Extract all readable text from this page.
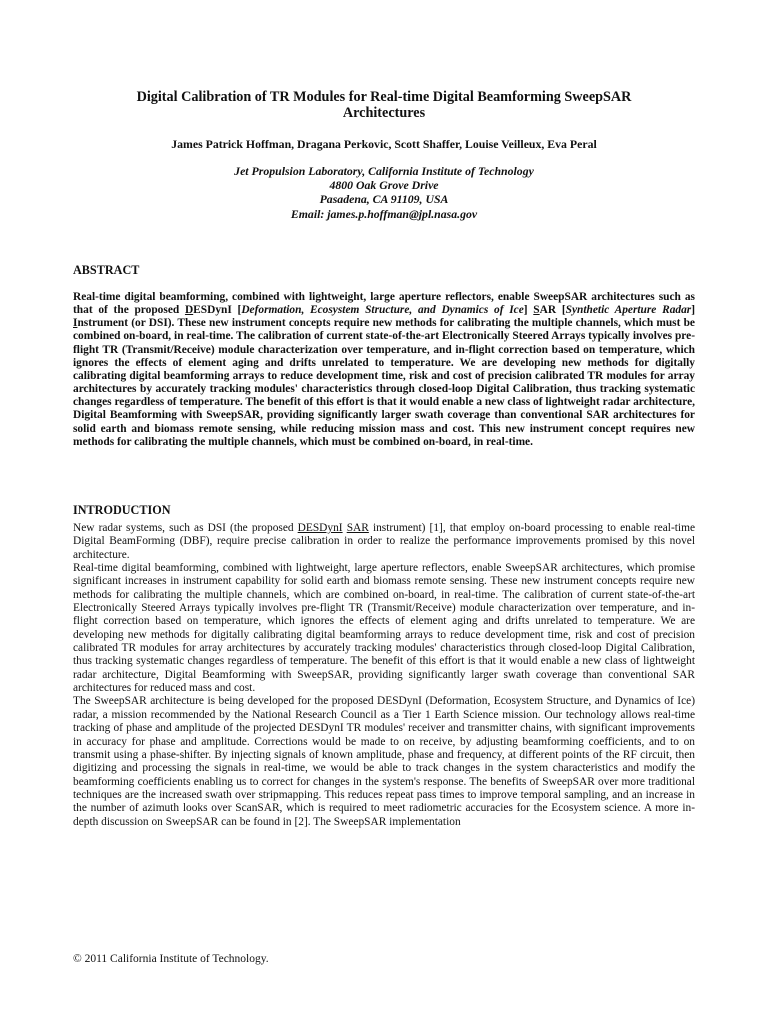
Digital Calibration of TR Modules for Real-time Digital Beamforming SweepSAR
Architectures
James Patrick Hoffman, Dragana Perkovic, Scott Shaffer, Louise Veilleux, Eva Peral
Jet Propulsion Laboratory, California Institute of Technology
4800 Oak Grove Drive
Pasadena, CA 91109, USA
Email: james.p.hoffman@jpl.nasa.gov
ABSTRACT
Real-time digital beamforming, combined with lightweight, large aperture reflectors, enable SweepSAR architectures such as that of the proposed DESDynI [Deformation, Ecosystem Structure, and Dynamics of Ice] SAR [Synthetic Aperture Radar] Instrument (or DSI). These new instrument concepts require new methods for calibrating the multiple channels, which must be combined on-board, in real-time. The calibration of current state-of-the-art Electronically Steered Arrays typically involves pre-flight TR (Transmit/Receive) module characterization over temperature, and in-flight correction based on temperature, which ignores the effects of element aging and drifts unrelated to temperature. We are developing new methods for digitally calibrating digital beamforming arrays to reduce development time, risk and cost of precision calibrated TR modules for array architectures by accurately tracking modules' characteristics through closed-loop Digital Calibration, thus tracking systematic changes regardless of temperature. The benefit of this effort is that it would enable a new class of lightweight radar architecture, Digital Beamforming with SweepSAR, providing significantly larger swath coverage than conventional SAR architectures for solid earth and biomass remote sensing, while reducing mission mass and cost. This new instrument concept requires new methods for calibrating the multiple channels, which must be combined on-board, in real-time.
INTRODUCTION

New radar systems, such as DSI (the proposed DESDynI SAR instrument) [1], that employ on-board processing to enable real-time Digital BeamForming (DBF), require precise calibration in order to realize the performance improvements promised by this novel architecture.

Real-time digital beamforming, combined with lightweight, large aperture reflectors, enable SweepSAR architectures, which promise significant increases in instrument capability for solid earth and biomass remote sensing. These new instrument concepts require new methods for calibrating the multiple channels, which are combined on-board, in real-time. The calibration of current state-of-the-art Electronically Steered Arrays typically involves pre-flight TR (Transmit/Receive) module characterization over temperature, and in-flight correction based on temperature, which ignores the effects of element aging and drifts unrelated to temperature. We are developing new methods for digitally calibrating digital beamforming arrays to reduce development time, risk and cost of precision calibrated TR modules for array architectures by accurately tracking modules' characteristics through closed-loop Digital Calibration, thus tracking systematic changes regardless of temperature. The benefit of this effort is that it would enable a new class of lightweight radar architecture, Digital Beamforming with SweepSAR, providing significantly larger swath coverage than conventional SAR architectures for reduced mass and cost.

The SweepSAR architecture is being developed for the proposed DESDynI (Deformation, Ecosystem Structure, and Dynamics of Ice) radar, a mission recommended by the National Research Council as a Tier 1 Earth Science mission. Our technology allows real-time tracking of phase and amplitude of the projected DESDynI TR modules' receiver and transmitter chains, with significant improvements in accuracy for phase and amplitude. Corrections would be made to on receive, by adjusting beamforming coefficients, and to on transmit using a phase-shifter. By injecting signals of known amplitude, phase and frequency, at different points of the RF circuit, then digitizing and processing the signals in real-time, we would be able to track changes in the system characteristics and modify the beamforming coefficients enabling us to correct for changes in the system's response. The benefits of SweepSAR over more traditional techniques are the increased swath over stripmapping. This reduces repeat pass times to improve temporal sampling, and an increase in the number of azimuth looks over ScanSAR, which is required to meet radiometric accuracies for the Ecosystem science. A more in-depth discussion on SweepSAR can be found in [2]. The SweepSAR implementation

© 2011 California Institute of Technology.
